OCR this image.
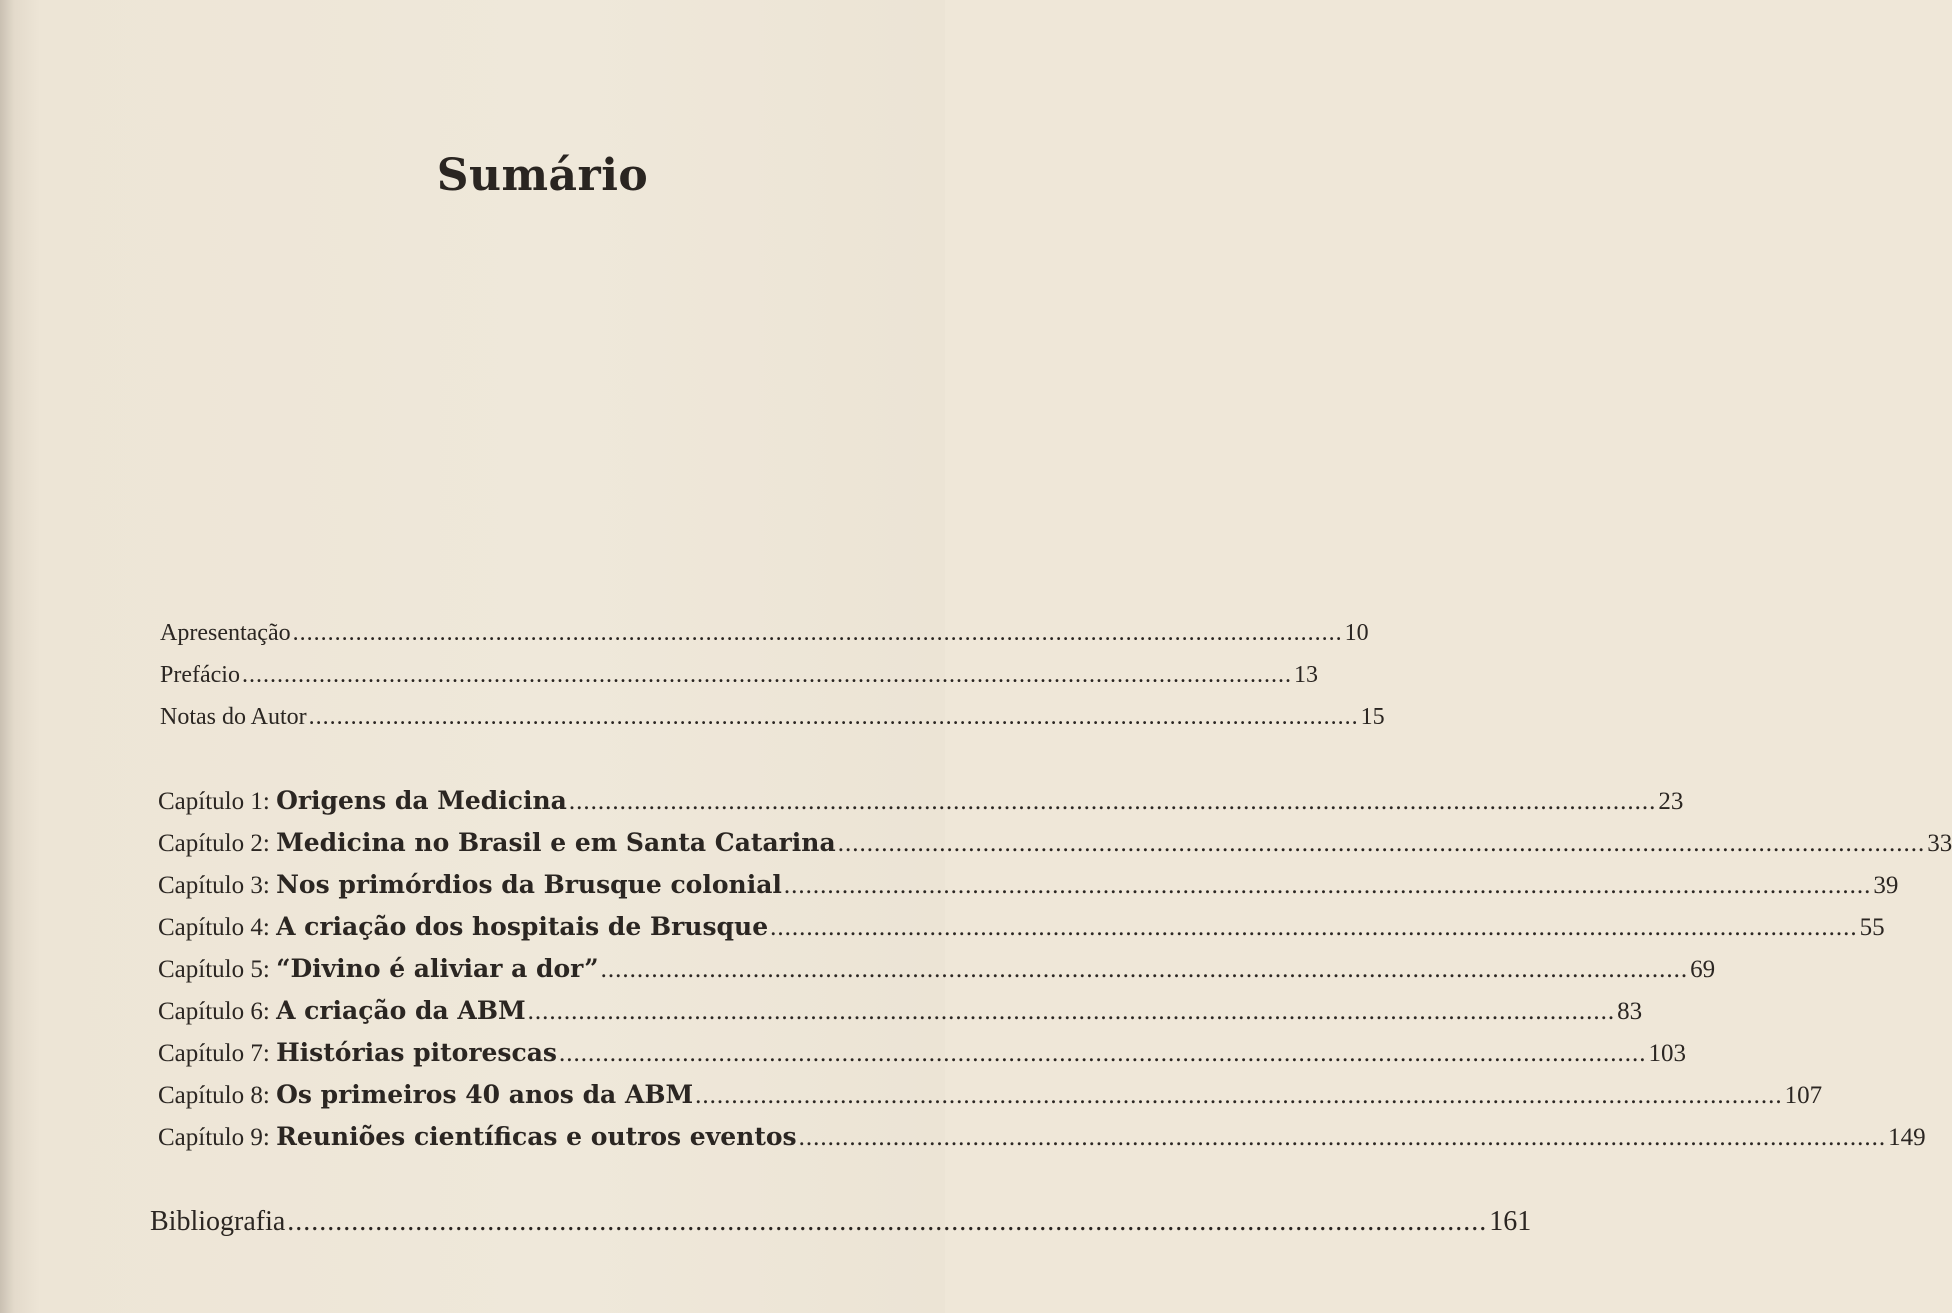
Sumário
Apresentação ...................................................................................................................................................... 10
Prefácio ...................................................................................................................................................... 13
Notas do Autor ...................................................................................................................................................... 15
Capítulo 1:
Origens da Medicina ...................................................................................................................................................... 23
Capítulo 2:
Medicina no Brasil e em Santa Catarina ...................................................................................................................................................... 33
Capítulo 3:
Nos primórdios da Brusque colonial ...................................................................................................................................................... 39
Capítulo 4:
A criação dos hospitais de Brusque ...................................................................................................................................................... 55
Capítulo 5:
“Divino é aliviar a dor” ...................................................................................................................................................... 69
Capítulo 6:
A criação da ABM ...................................................................................................................................................... 83
Capítulo 7:
Histórias pitorescas ...................................................................................................................................................... 103
Capítulo 8:
Os primeiros 40 anos da ABM ...................................................................................................................................................... 107
Capítulo 9:
Reuniões científicas e outros eventos ...................................................................................................................................................... 149
Bibliografia ...................................................................................................................................................... 161
